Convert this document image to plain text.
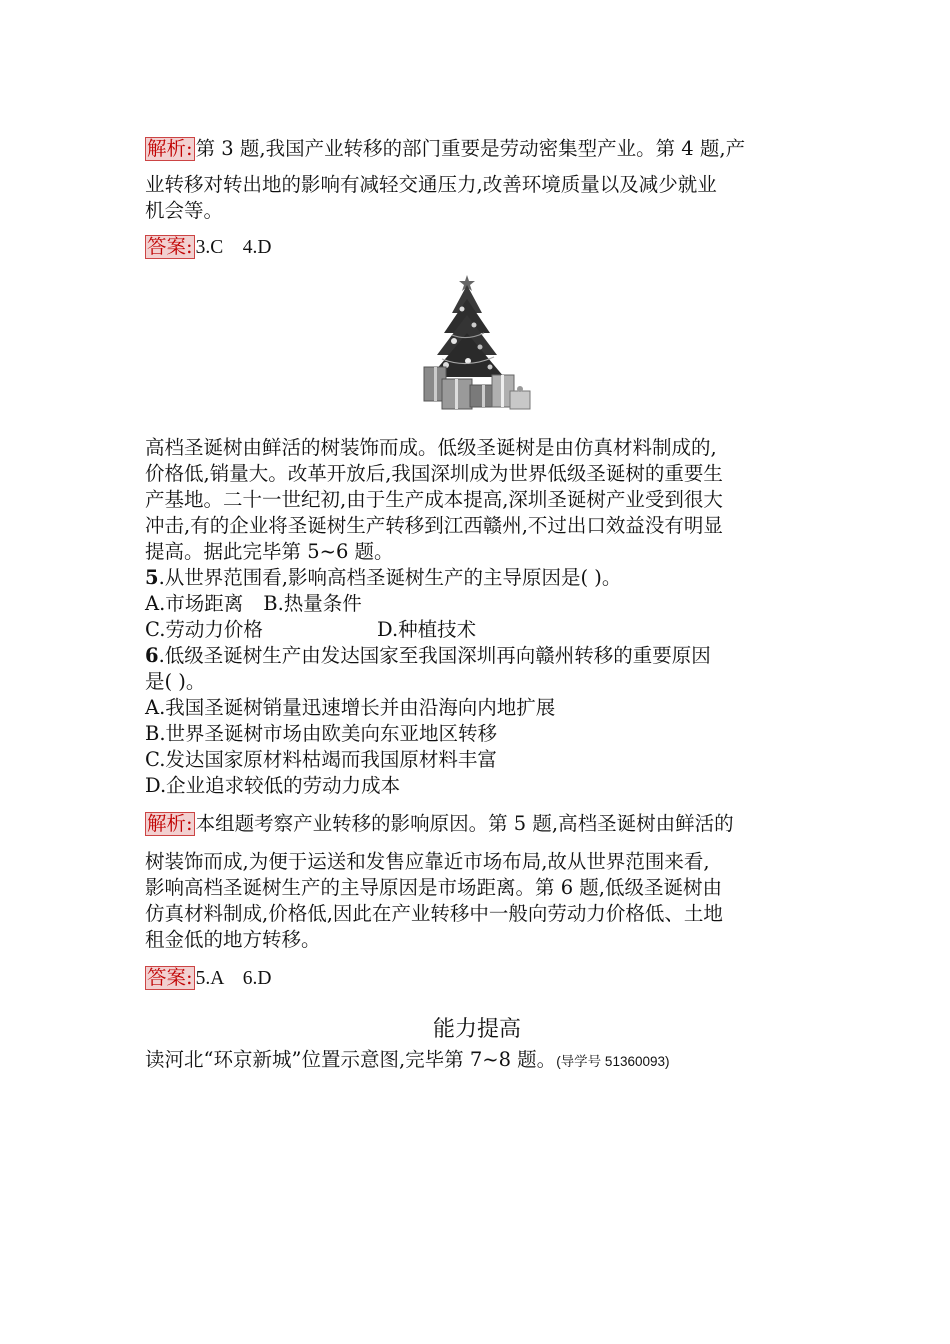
解析: 第 3 题,我国产业转移的部门重要是劳动密集型产业。第 4 题,产

业转移对转出地的影响有减轻交通压力,改善环境质量以及减少就业

机会等。

答案: 3.C    4.D

高档圣诞树由鲜活的树装饰而成。低级圣诞树是由仿真材料制成的,

价格低,销量大。改革开放后,我国深圳成为世界低级圣诞树的重要生

产基地。二十一世纪初,由于生产成本提高,深圳圣诞树产业受到很大

冲击,有的企业将圣诞树生产转移到江西赣州,不过出口效益没有明显

提高。据此完毕第 5~6 题。

5.从世界范围看,影响高档圣诞树生产的主导原因是( )。

A.市场距离 B.热量条件

C.劳动力价格	D.种植技术

6.低级圣诞树生产由发达国家至我国深圳再向赣州转移的重要原因

是( )。

A.我国圣诞树销量迅速增长并由沿海向内地扩展

B.世界圣诞树市场由欧美向东亚地区转移

C.发达国家原材料枯竭而我国原材料丰富

D.企业追求较低的劳动力成本

解析: 本组题考察产业转移的影响原因。第 5 题,高档圣诞树由鲜活的

树装饰而成,为便于运送和发售应靠近市场布局,故从世界范围来看,

影响高档圣诞树生产的主导原因是市场距离。第 6 题,低级圣诞树由

仿真材料制成,价格低,因此在产业转移中一般向劳动力价格低、土地

租金低的地方转移。

答案: 5.A    6.D

能力提高

读河北“环京新城”位置示意图,完毕第 7~8 题。(导学号 51360093)
